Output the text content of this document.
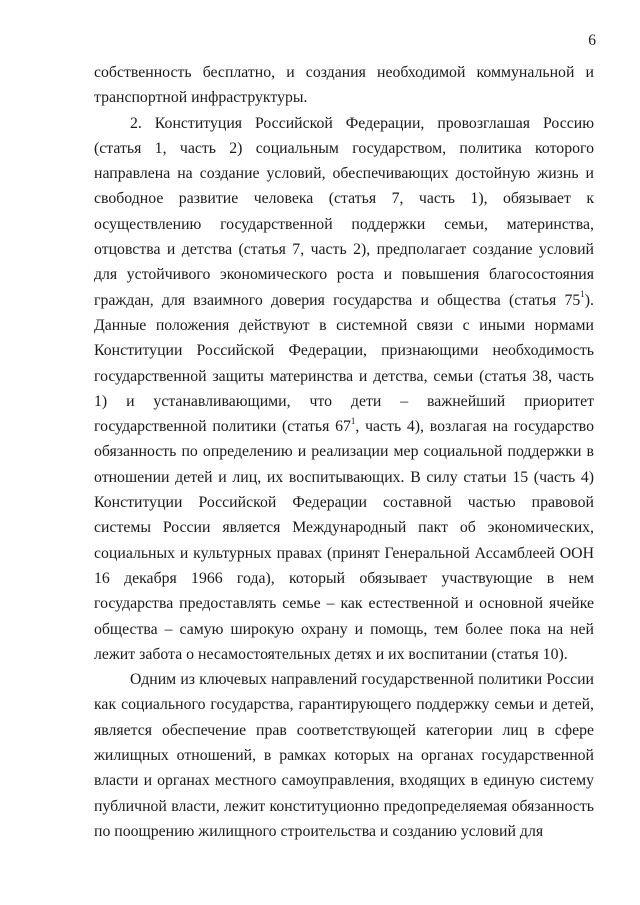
6

собственность бесплатно, и создания необходимой коммунальной и транспортной инфраструктуры.

2. Конституция Российской Федерации, провозглашая Россию (статья 1, часть 2) социальным государством, политика которого направлена на создание условий, обеспечивающих достойную жизнь и свободное развитие человека (статья 7, часть 1), обязывает к осуществлению государственной поддержки семьи, материнства, отцовства и детства (статья 7, часть 2), предполагает создание условий для устойчивого экономического роста и повышения благосостояния граждан, для взаимного доверия государства и общества (статья $75^1$). Данные положения действуют в системной связи с иными нормами Конституции Российской Федерации, признающими необходимость государственной защиты материнства и детства, семьи (статья 38, часть 1) и устанавливающими, что дети – важнейший приоритет государственной политики (статья $67^1$, часть 4), возлагая на государство обязанность по определению и реализации мер социальной поддержки в отношении детей и лиц, их воспитывающих. В силу статьи 15 (часть 4) Конституции Российской Федерации составной частью правовой системы России является Международный пакт об экономических, социальных и культурных правах (принят Генеральной Ассамблеей ООН 16 декабря 1966 года), который обязывает участвующие в нем государства предоставлять семье – как естественной и основной ячейке общества – самую широкую охрану и помощь, тем более пока на ней лежит забота о несамостоятельных детях и их воспитании (статья 10).

Одним из ключевых направлений государственной политики России как социального государства, гарантирующего поддержку семьи и детей, является обеспечение прав соответствующей категории лиц в сфере жилищных отношений, в рамках которых на органах государственной власти и органах местного самоуправления, входящих в единую систему публичной власти, лежит конституционно предопределяемая обязанность по поощрению жилищного строительства и созданию условий для
